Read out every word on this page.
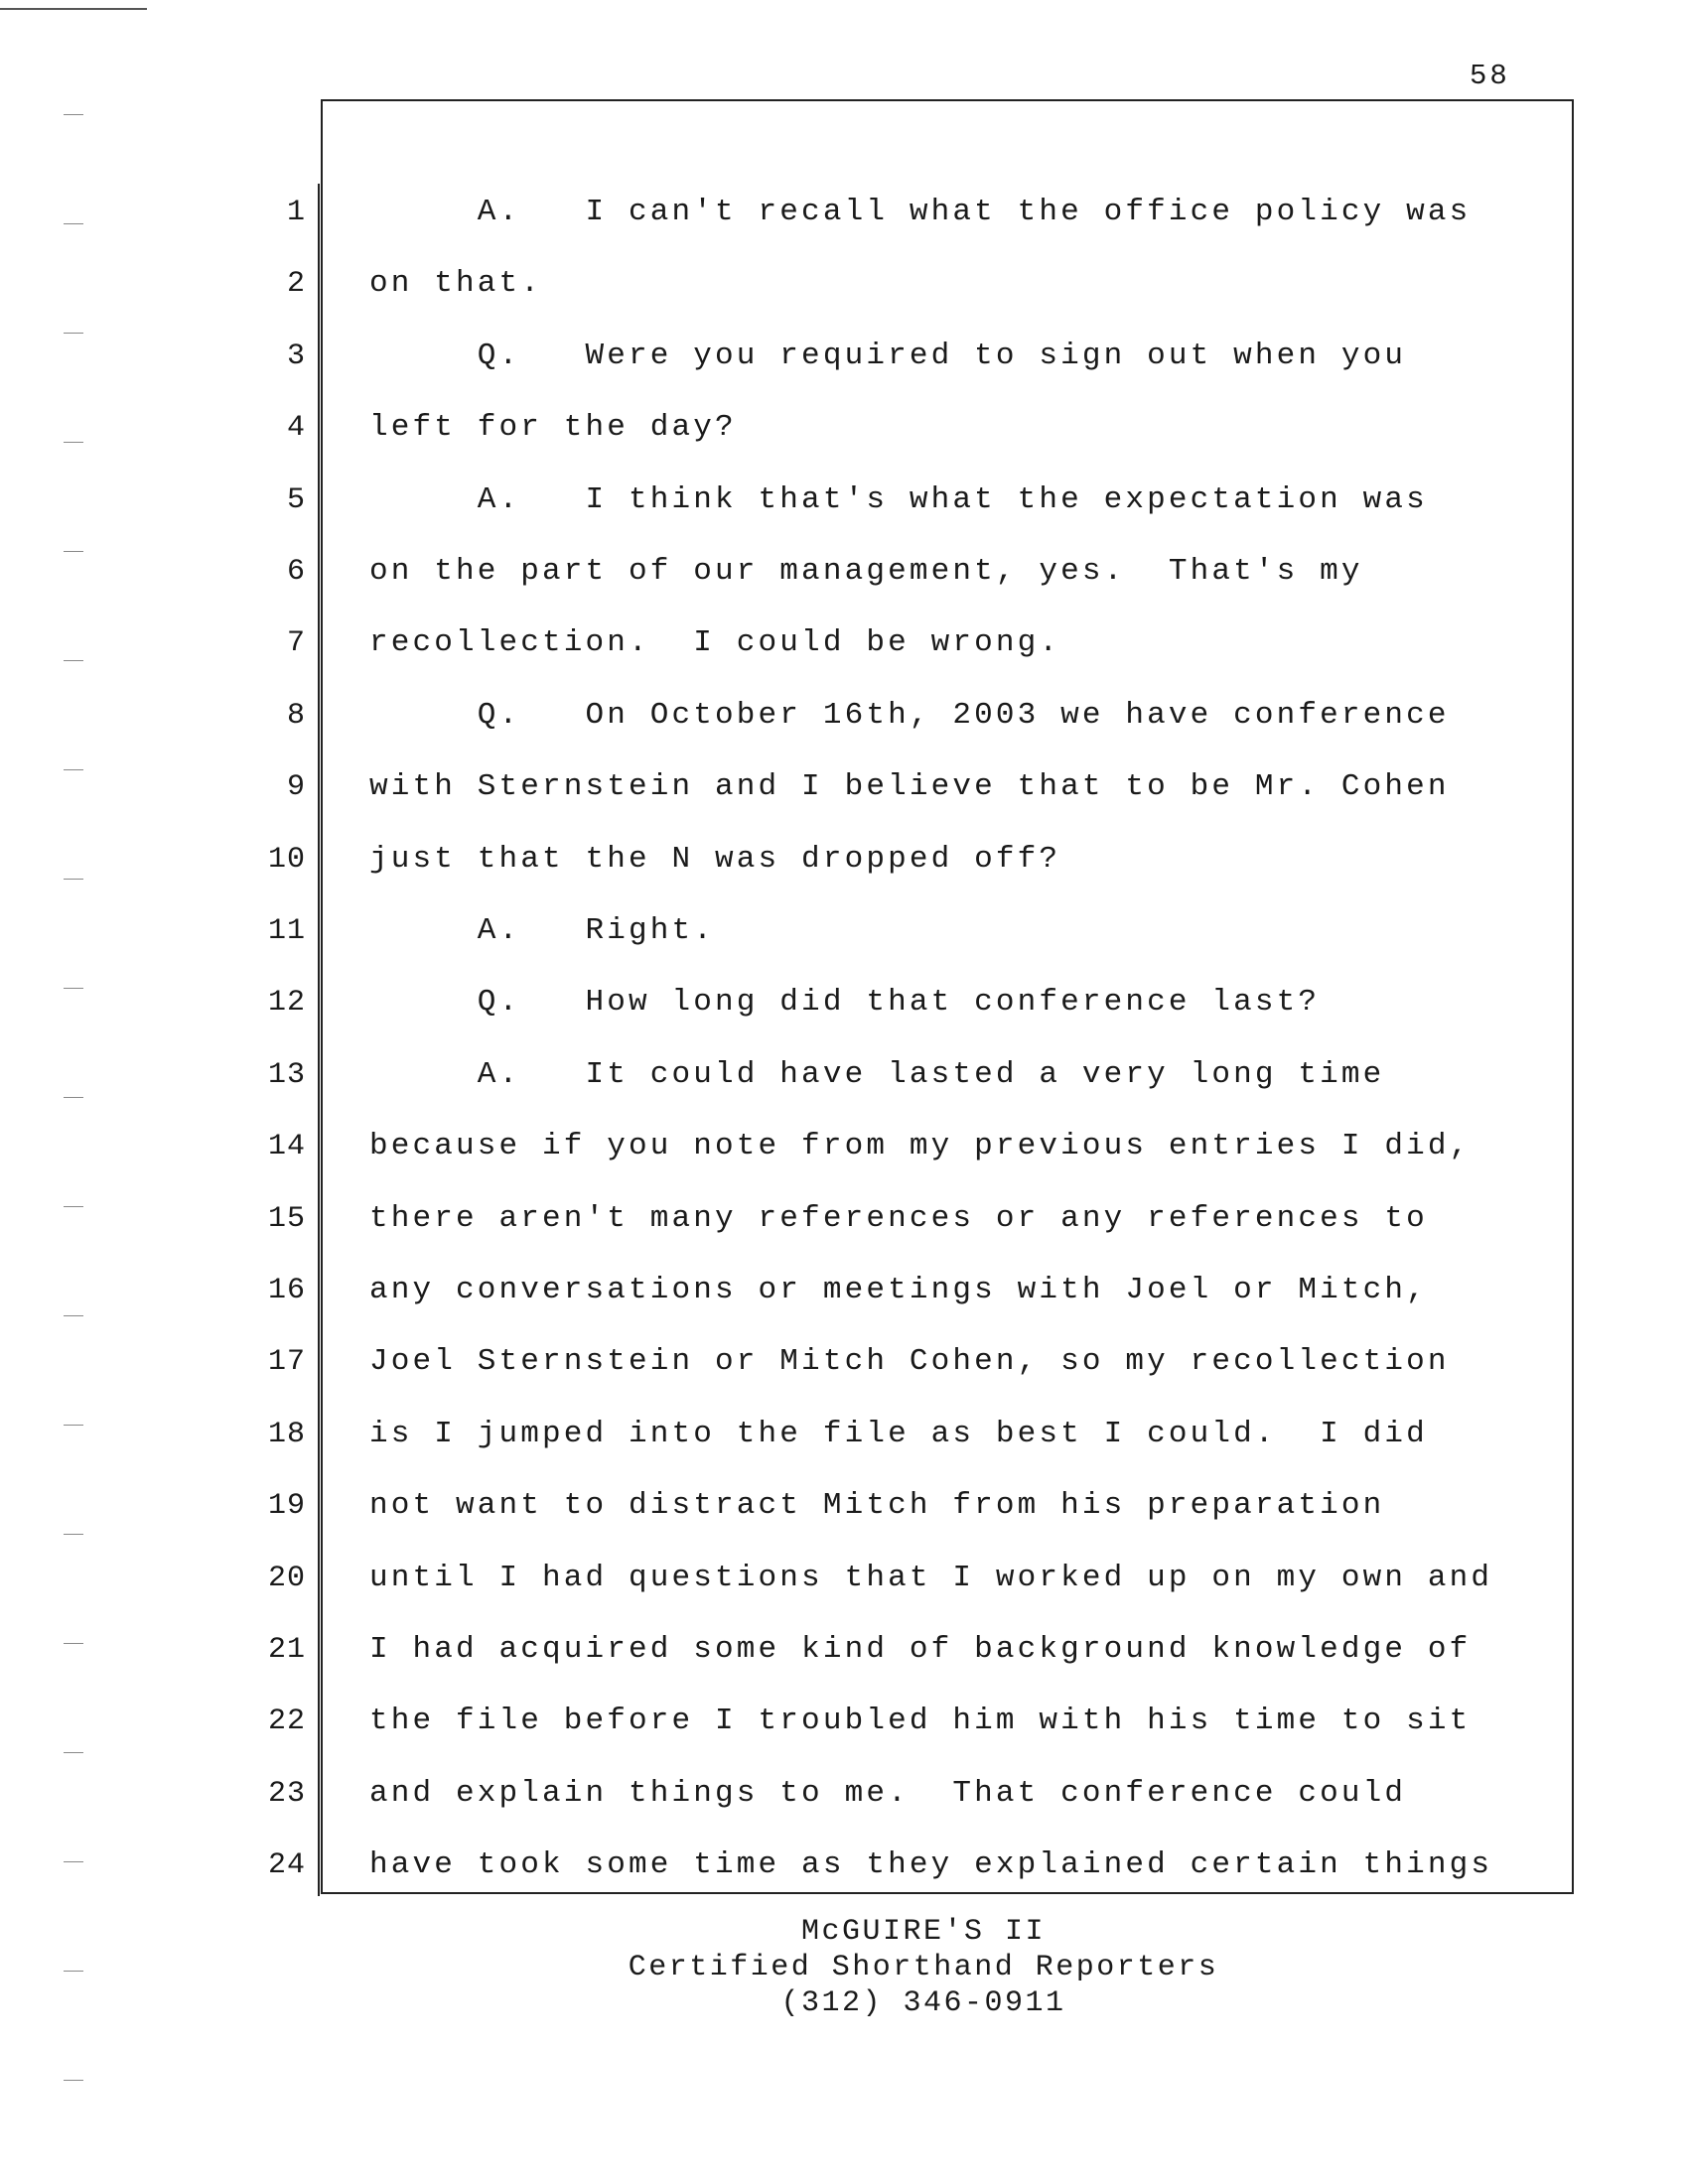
58
1 A.   I can't recall what the office policy was
2 on that.
3 Q.   Were you required to sign out when you
4 left for the day?
5 A.   I think that's what the expectation was
6 on the part of our management, yes.  That's my
7 recollection.  I could be wrong.
8 Q.   On October 16th, 2003 we have conference
9 with Sternstein and I believe that to be Mr. Cohen
10 just that the N was dropped off?
11 A.   Right.
12 Q.   How long did that conference last?
13 A.   It could have lasted a very long time
14 because if you note from my previous entries I did,
15 there aren't many references or any references to
16 any conversations or meetings with Joel or Mitch,
17 Joel Sternstein or Mitch Cohen, so my recollection
18 is I jumped into the file as best I could.  I did
19 not want to distract Mitch from his preparation
20 until I had questions that I worked up on my own and
21 I had acquired some kind of background knowledge of
22 the file before I troubled him with his time to sit
23 and explain things to me.  That conference could
24 have took some time as they explained certain things
McGUIRE'S II
Certified Shorthand Reporters
(312) 346-0911
